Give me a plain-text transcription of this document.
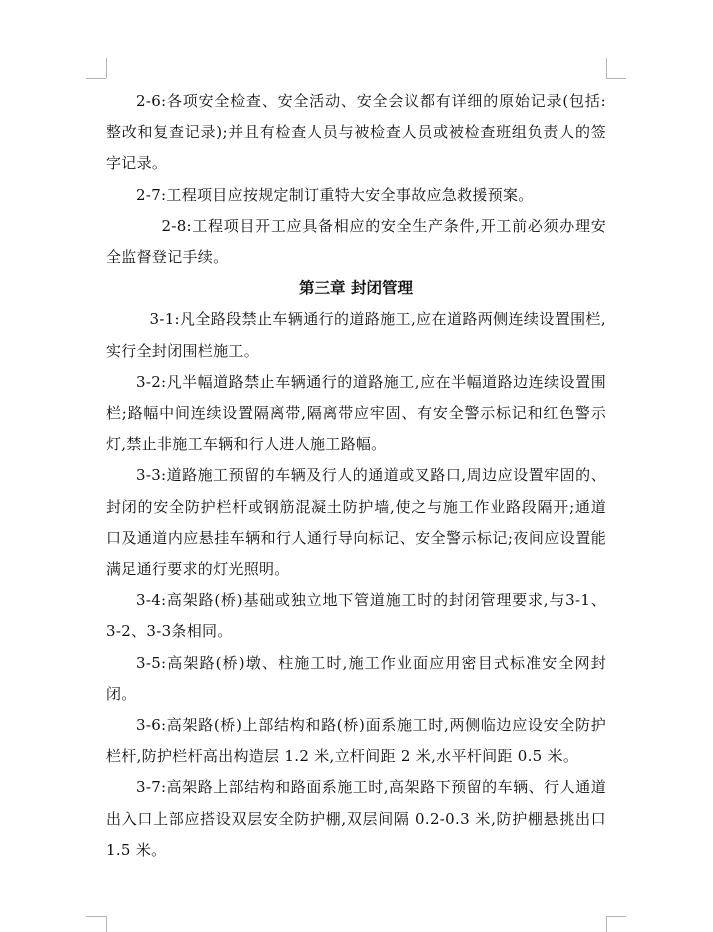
2-6:各项安全检查、安全活动、安全会议都有详细的原始记录(包括:整改和复查记录);并且有检查人员与被检查人员或被检查班组负责人的签字记录。

2-7:工程项目应按规定制订重特大安全事故应急救援预案。

2-8:工程项目开工应具备相应的安全生产条件,开工前必须办理安全监督登记手续。

第三章 封闭管理

3-1:凡全路段禁止车辆通行的道路施工,应在道路两侧连续设置围栏,实行全封闭围栏施工。

3-2:凡半幅道路禁止车辆通行的道路施工,应在半幅道路边连续设置围栏;路幅中间连续设置隔离带,隔离带应牢固、有安全警示标记和红色警示灯,禁止非施工车辆和行人进人施工路幅。

3-3:道路施工预留的车辆及行人的通道或叉路口,周边应设置牢固的、封闭的安全防护栏杆或钢筋混凝土防护墙,使之与施工作业路段隔开;通道口及通道内应悬挂车辆和行人通行导向标记、安全警示标记;夜间应设置能满足通行要求的灯光照明。

3-4:高架路(桥)基础或独立地下管道施工时的封闭管理要求,与3-1、3-2、3-3条相同。

3-5:高架路(桥)墩、柱施工时,施工作业面应用密目式标准安全网封闭。

3-6:高架路(桥)上部结构和路(桥)面系施工时,两侧临边应设安全防护栏杆,防护栏杆高出构造层 1.2 米,立杆间距 2 米,水平杆间距 0.5 米。

3-7:高架路上部结构和路面系施工时,高架路下预留的车辆、行人通道出入口上部应搭设双层安全防护棚,双层间隔 0.2-0.3 米,防护棚悬挑出口 1.5 米。
